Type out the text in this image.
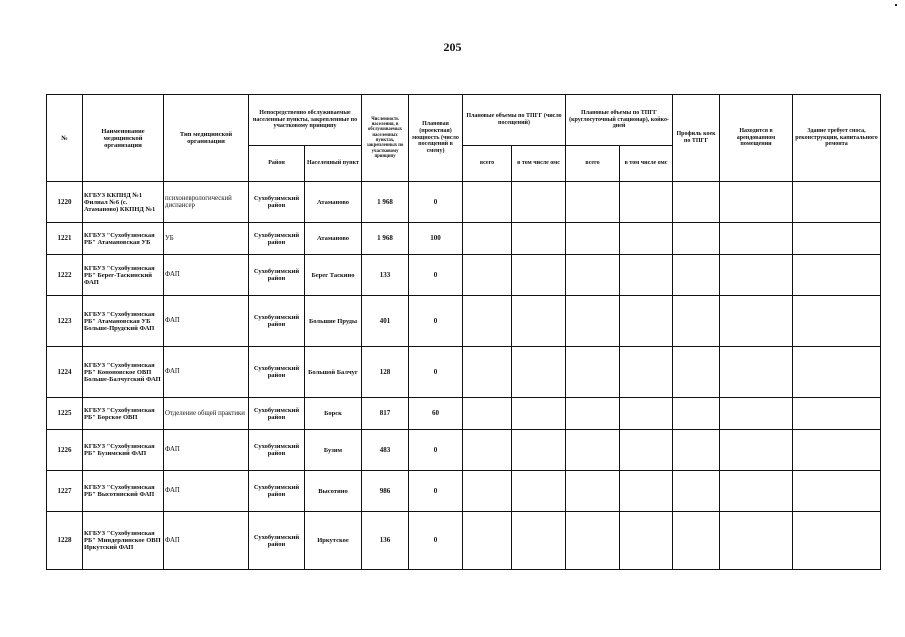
205
№	Наименование медицинской организации	Тип медицинской организации	Непосредственно обслуживаемые населенные пункты, закрепленные по участковому принципу		Численность населения, в обслуживаемых населенных пунктах, закрепленных по участковому принципу	Плановая (проектная) мощность (число посещений в смену)	Плановые объемы по ТПГГ (число посещений)		Плановые объемы по ТПГГ (круглосуточный стационар), койко-дней		Профиль коек по ТПГГ	Находится в арендованном помещении	Здание требует сноса, реконструкции, капитального ремонта
			Район	Населенный пункт			всего	в том числе омс	всего	в том числе омс			
1220	КГБУЗ ККПНД №1 Филиал №6 (с. Атаманово) ККПНД №1	психоневрологический диспансер	Сухобузимский район	Атаманово	1 968	0							
1221	КГБУЗ "Сухобузимская РБ" Атамановская УБ	УБ	Сухобузимский район	Атаманово	1 968	100							
1222	КГБУЗ "Сухобузимская РБ" Берег-Таскинский ФАП	ФАП	Сухобузимский район	Берег Таскино	133	0							
1223	КГБУЗ "Сухобузимская РБ" Атамановская УБ Больше-Прудский ФАП	ФАП	Сухобузимский район	Большие Пруды	401	0							
1224	КГБУЗ "Сухобузимская РБ" Кононовское ОВП Больше-Балчугский ФАП	ФАП	Сухобузимский район	Большой Балчуг	128	0							
1225	КГБУЗ "Сухобузимская РБ" Борское ОВП	Отделение общей практики	Сухобузимский район	Борск	817	60							
1226	КГБУЗ "Сухобузимская РБ" Бузимский ФАП	ФАП	Сухобузимский район	Бузим	483	0							
1227	КГБУЗ "Сухобузимская РБ" Высотинский ФАП	ФАП	Сухобузимский район	Высотино	986	0							
1228	КГБУЗ "Сухобузимская РБ" Миндерлинское ОВП Иркутский ФАП	ФАП	Сухобузимский район	Иркутское	136	0							
